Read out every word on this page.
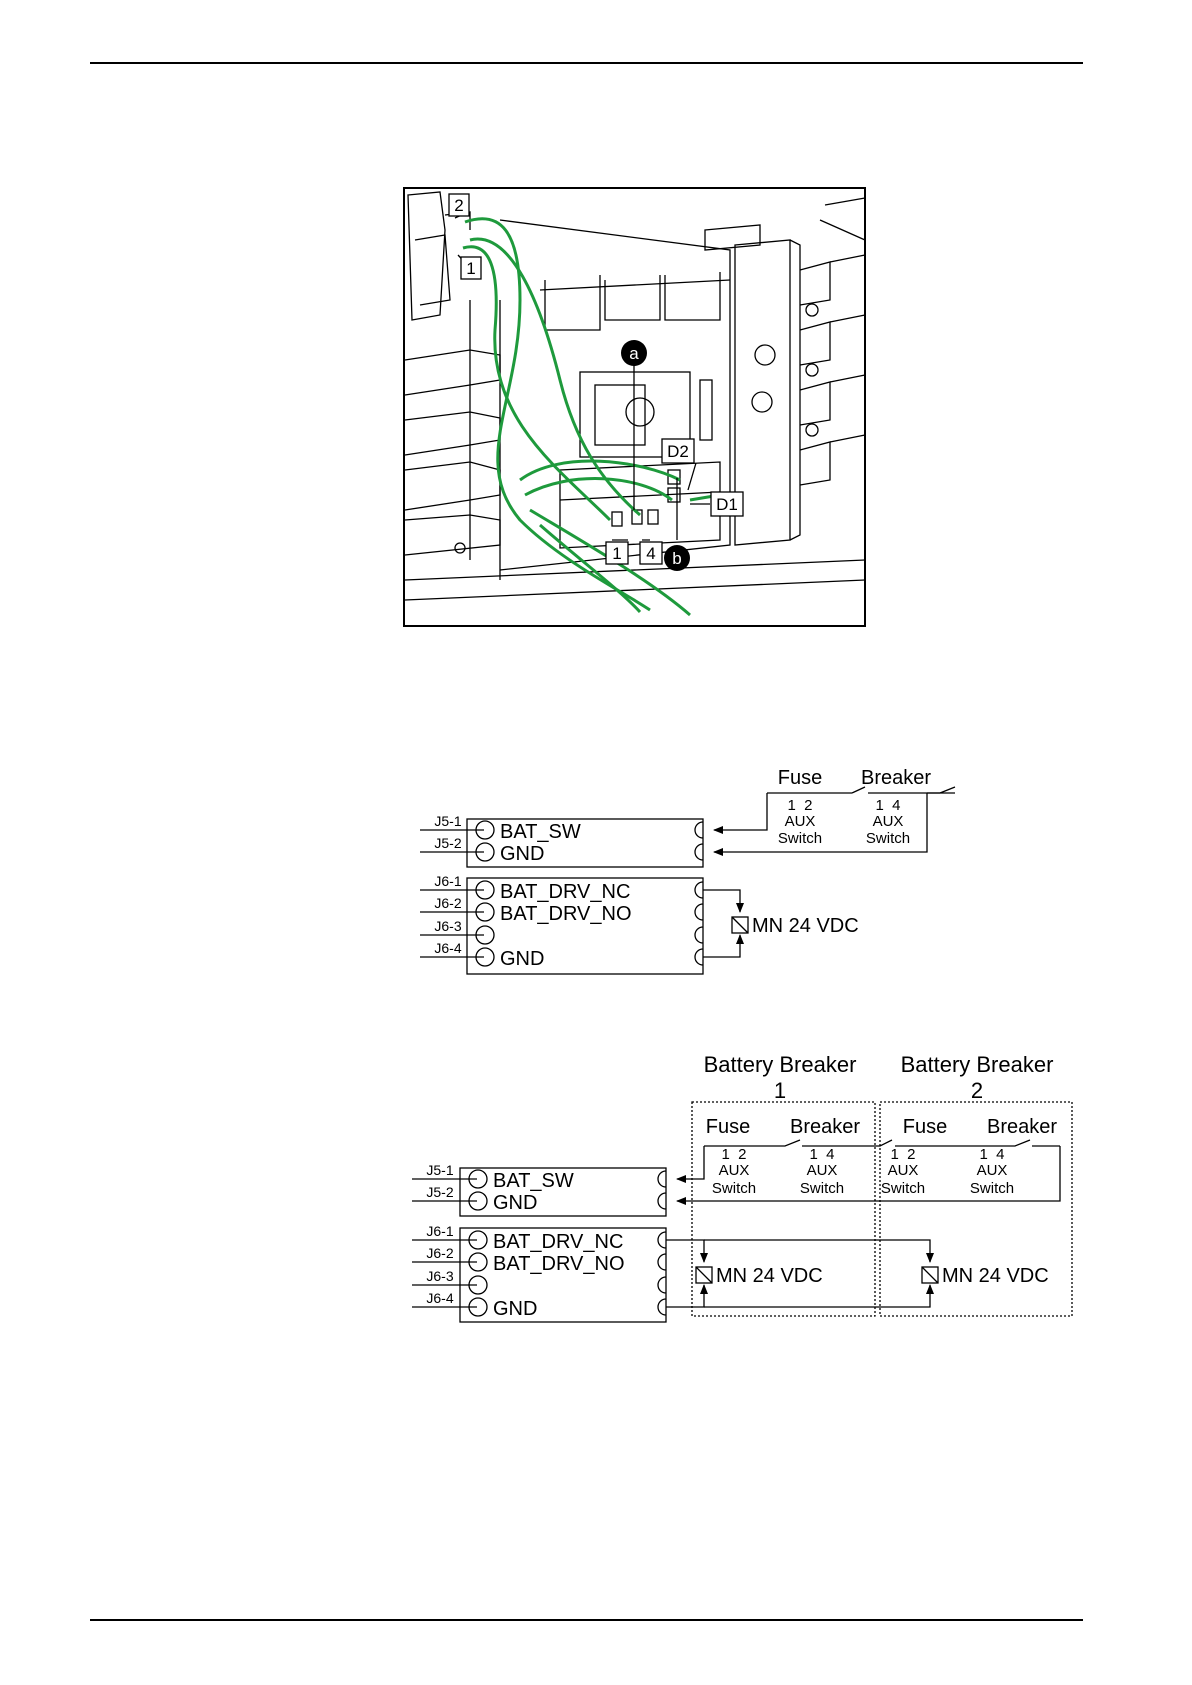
2
1
a
D2
D1
1 4 b
Fuse Breaker
1  2
AUX
Switch
1  4
AUX
Switch
J5-1
J5-2
J6-1
J6-2
J6-3
J6-4
BAT_SW
GND
BAT_DRV_NC
BAT_DRV_NO
GND
MN 24 VDC
Battery Breaker
1
Battery Breaker
2
Fuse Breaker Fuse Breaker
1  2
AUX
Switch
1  4
AUX
Switch
1  2
AUX
Switch
1  4
AUX
Switch
J5-1
J5-2
J6-1
J6-2
J6-3
J6-4
BAT_SW
GND
BAT_DRV_NC
BAT_DRV_NO
GND
MN 24 VDC	MN 24 VDC
